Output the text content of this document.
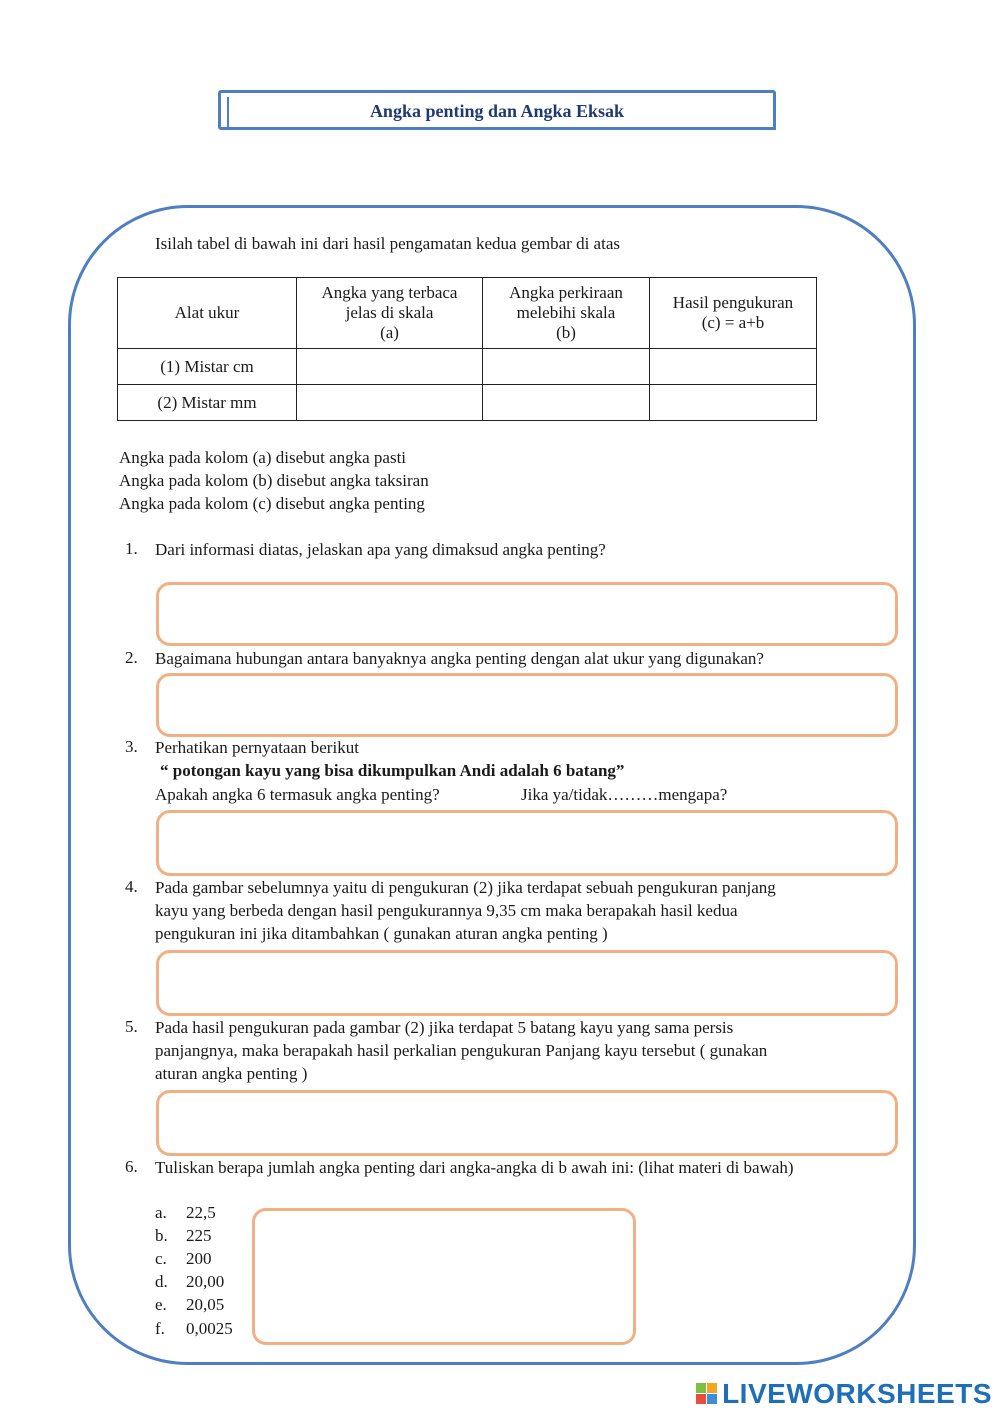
Angka penting dan Angka Eksak
Isilah tabel di bawah ini dari hasil pengamatan kedua gembar di atas
Alat ukur	Angka yang terbaca
jelas di skala
(a)	Angka perkiraan
melebihi skala
(b)	Hasil pengukuran
(c) = a+b
(1) Mistar cm			
(2) Mistar mm			
Angka pada kolom (a) disebut angka pasti
Angka pada kolom (b) disebut angka taksiran
Angka pada kolom (c) disebut angka penting
1. Dari informasi diatas, jelaskan apa yang dimaksud angka penting?
2. Bagaimana hubungan antara banyaknya angka penting dengan alat ukur yang digunakan?
3. Perhatikan pernyataan berikut
“ potongan kayu yang bisa dikumpulkan Andi adalah 6 batang”
Apakah angka 6 termasuk angka penting?	Jika ya/tidak………mengapa?
4. Pada gambar sebelumnya yaitu di pengukuran (2) jika terdapat sebuah pengukuran panjang
kayu yang berbeda dengan hasil pengukurannya 9,35 cm maka berapakah hasil kedua
pengukuran ini jika ditambahkan ( gunakan aturan angka penting )
5. Pada hasil pengukuran pada gambar (2) jika terdapat 5 batang kayu yang sama persis
panjangnya, maka berapakah hasil perkalian pengukuran Panjang kayu tersebut ( gunakan
aturan angka penting )
6. Tuliskan berapa jumlah angka penting dari angka-angka di b awah ini: (lihat materi di bawah)
a. 22,5
b. 225
c. 200
d. 20,00
e. 20,05
f. 0,0025
LIVEWORKSHEETS
